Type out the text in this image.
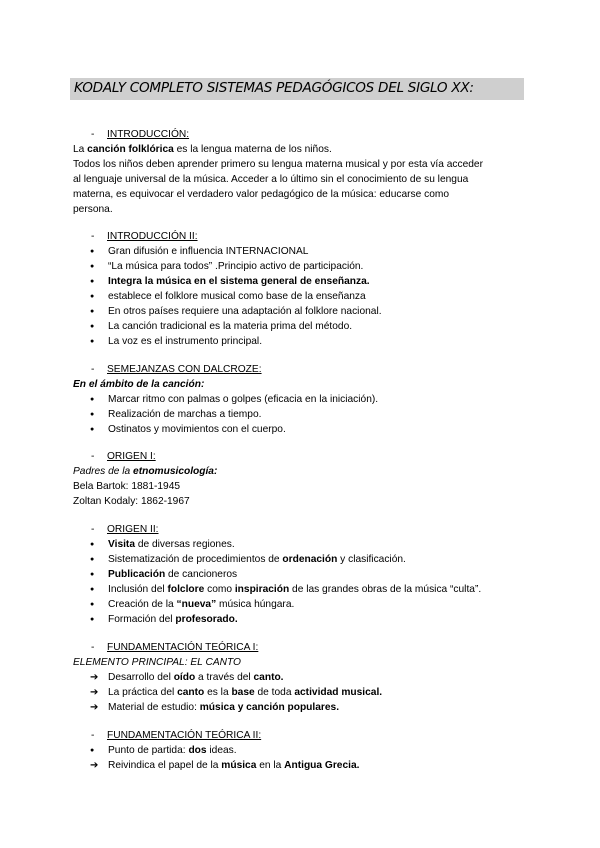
KODALY COMPLETO SISTEMAS PEDAGÓGICOS DEL SIGLO XX:
- INTRODUCCIÓN:
La canción folklórica es la lengua materna de los niños.
Todos los niños deben aprender primero su lengua materna musical y por esta vía acceder
al lenguaje universal de la música. Acceder a lo último sin el conocimiento de su lengua
materna, es equivocar el verdadero valor pedagógico de la música: educarse como
persona.
- INTRODUCCIÓN II:
●
Gran difusión e influencia INTERNACIONAL
●
“La música para todos” .Principio activo de participación.
●
Integra la música en el sistema general de enseñanza.
●
establece el folklore musical como base de la enseñanza
●
En otros países requiere una adaptación al folklore nacional.
●
La canción tradicional es la materia prima del método.
●
La voz es el instrumento principal.
- SEMEJANZAS CON DALCROZE:
En el ámbito de la canción:
●
Marcar ritmo con palmas o golpes (eficacia en la iniciación).
●
Realización de marchas a tiempo.
●
Ostinatos y movimientos con el cuerpo.
- ORIGEN I:
Padres de la etnomusicología:
Bela Bartok: 1881-1945
Zoltan Kodaly: 1862-1967
- ORIGEN II:
●
Visita de diversas regiones.
●
Sistematización de procedimientos de ordenación y clasificación.
●
Publicación de cancioneros
●
Inclusión del folclore como inspiración de las grandes obras de la música “culta”.
●
Creación de la “nueva” música húngara.
●
Formación del profesorado.
- FUNDAMENTACIÓN TEÓRICA I:
ELEMENTO PRINCIPAL: EL CANTO
➔
Desarrollo del oído a través del canto.
➔
La práctica del canto es la base de toda actividad musical.
➔
Material de estudio: música y canción populares.
- FUNDAMENTACIÓN TEÓRICA II:
●
Punto de partida: dos ideas.
➔
Reivindica el papel de la música en la Antigua Grecia.
